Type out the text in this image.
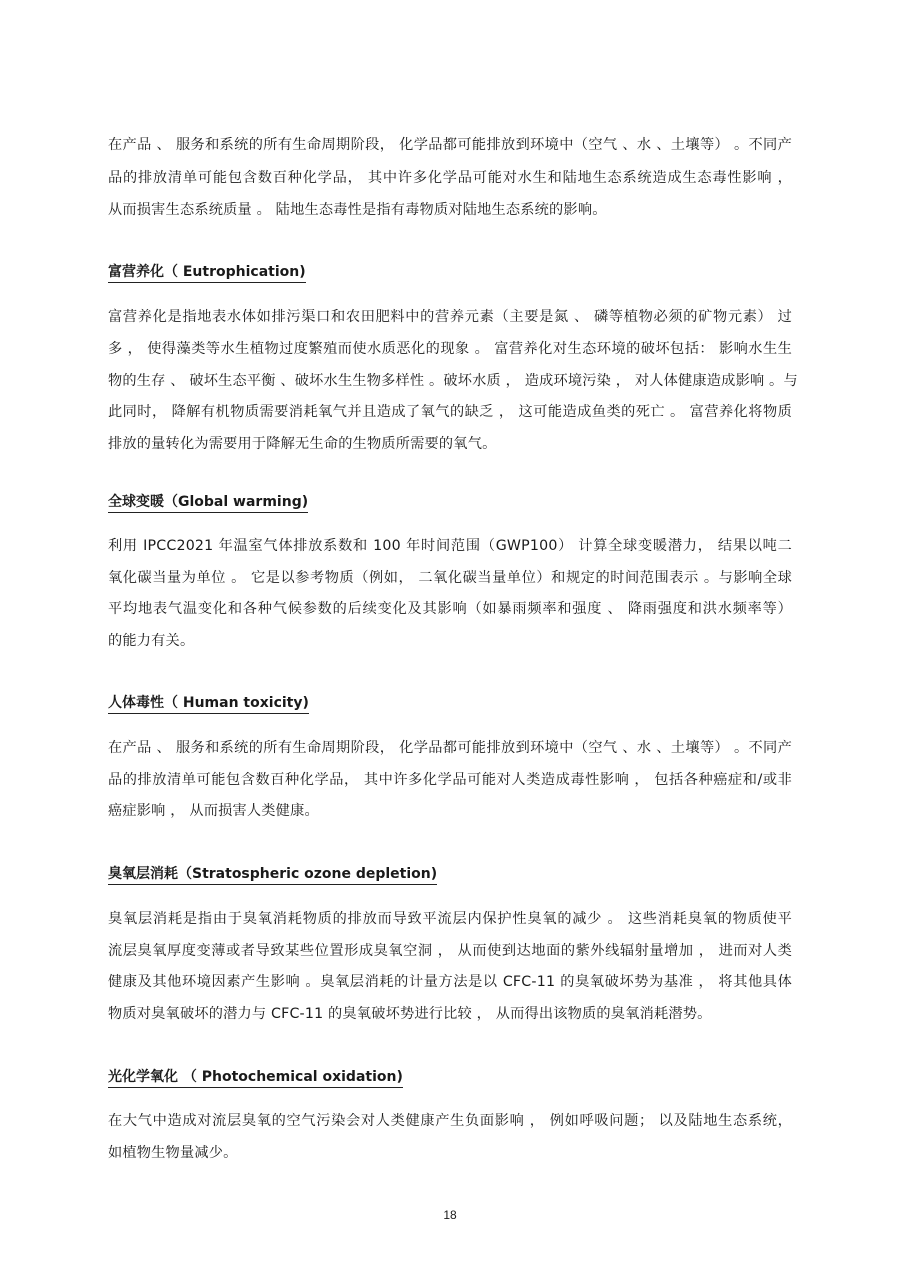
在产品 、 服务和系统的所有生命周期阶段， 化学品都可能排放到环境中（空气 、水 、土壤等） 。不同产
品的排放清单可能包含数百种化学品， 其中许多化学品可能对水生和陆地生态系统造成生态毒性影响 ，
从而损害生态系统质量 。 陆地生态毒性是指有毒物质对陆地生态系统的影响。
富营养化（ Eutrophication)
富营养化是指地表水体如排污渠口和农田肥料中的营养元素（主要是氮 、 磷等植物必须的矿物元素） 过
多 ， 使得藻类等水生植物过度繁殖而使水质恶化的现象 。 富营养化对生态环境的破坏包括： 影响水生生
物的生存 、 破坏生态平衡 、破坏水生生物多样性 。破坏水质 ， 造成环境污染 ， 对人体健康造成影响 。与
此同时， 降解有机物质需要消耗氧气并且造成了氧气的缺乏 ， 这可能造成鱼类的死亡 。 富营养化将物质
排放的量转化为需要用于降解无生命的生物质所需要的氧气。
全球变暖（Global warming)
利用 IPCC2021 年温室气体排放系数和 100 年时间范围（GWP100） 计算全球变暖潜力， 结果以吨二
氧化碳当量为单位 。 它是以参考物质（例如， 二氧化碳当量单位）和规定的时间范围表示 。与影响全球
平均地表气温变化和各种气候参数的后续变化及其影响（如暴雨频率和强度 、 降雨强度和洪水频率等）
的能力有关。
人体毒性（ Human toxicity)
在产品 、 服务和系统的所有生命周期阶段， 化学品都可能排放到环境中（空气 、水 、土壤等） 。不同产
品的排放清单可能包含数百种化学品， 其中许多化学品可能对人类造成毒性影响 ， 包括各种癌症和/或非
癌症影响 ， 从而损害人类健康。
臭氧层消耗（Stratospheric ozone depletion)
臭氧层消耗是指由于臭氧消耗物质的排放而导致平流层内保护性臭氧的减少 。 这些消耗臭氧的物质使平
流层臭氧厚度变薄或者导致某些位置形成臭氧空洞 ， 从而使到达地面的紫外线辐射量增加 ， 进而对人类
健康及其他环境因素产生影响 。臭氧层消耗的计量方法是以 CFC-11 的臭氧破坏势为基准 ， 将其他具体
物质对臭氧破坏的潜力与 CFC-11 的臭氧破坏势进行比较 ， 从而得出该物质的臭氧消耗潜势。
光化学氧化 （ Photochemical oxidation)
在大气中造成对流层臭氧的空气污染会对人类健康产生负面影响 ， 例如呼吸问题； 以及陆地生态系统，
如植物生物量减少。
18
